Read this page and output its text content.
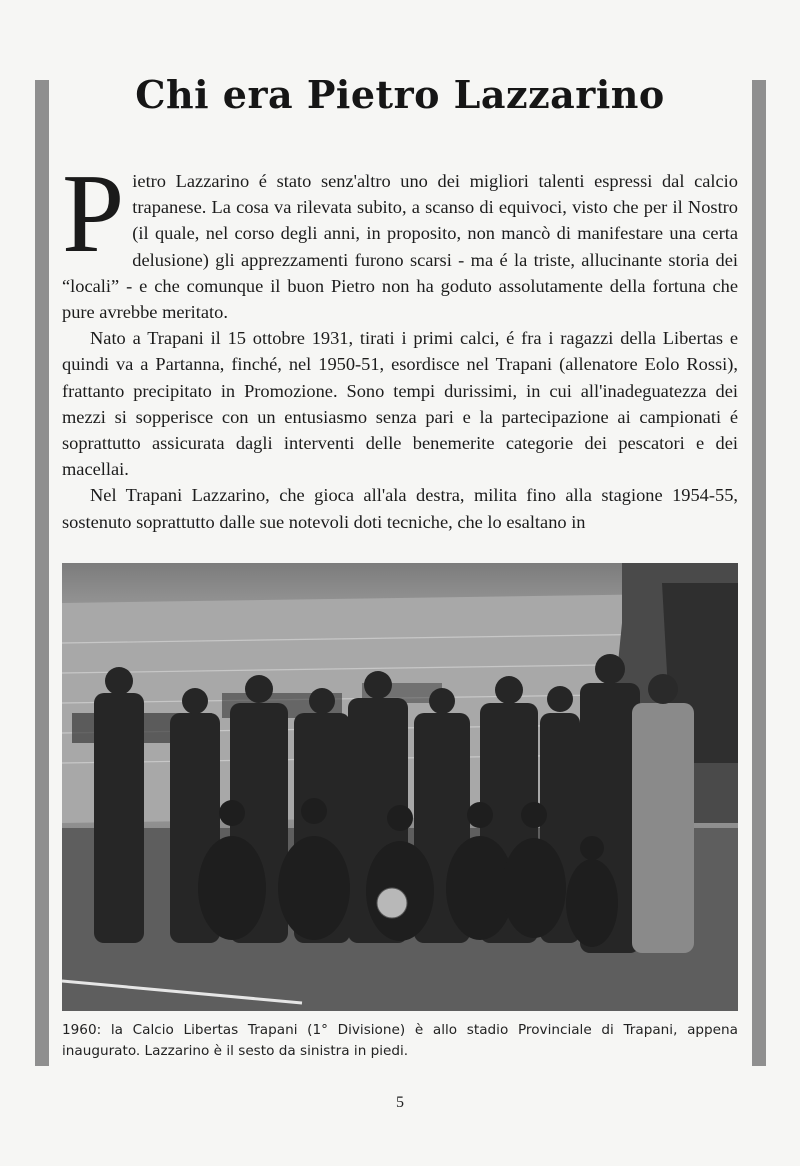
Chi era Pietro Lazzarino

Pietro Lazzarino é stato senz'altro uno dei migliori talenti espressi dal calcio trapanese. La cosa va rilevata subito, a scanso di equivoci, visto che per il Nostro (il quale, nel corso degli anni, in proposito, non mancò di manifestare una certa delusione) gli apprezzamenti furono scarsi - ma é la triste, allucinante storia dei “locali” - e che comunque il buon Pietro non ha goduto assolutamente della fortuna che pure avrebbe meritato.

Nato a Trapani il 15 ottobre 1931, tirati i primi calci, é fra i ragazzi della Libertas e quindi va a Partanna, finché, nel 1950-51, esordisce nel Trapani (allenatore Eolo Rossi), frattanto precipitato in Promozione. Sono tempi durissimi, in cui all'inadeguatezza dei mezzi si sopperisce con un entusiasmo senza pari e la partecipazione ai campionati é soprattutto assicurata dagli interventi delle benemerite categorie dei pescatori e dei macellai.

Nel Trapani Lazzarino, che gioca all'ala destra, milita fino alla stagione 1954-55, sostenuto soprattutto dalle sue notevoli doti tecniche, che lo esaltano in

1960: la Calcio Libertas Trapani (1° Divisione) è allo stadio Provinciale di Trapani, appena inaugurato. Lazzarino è il sesto da sinistra in piedi.
5
